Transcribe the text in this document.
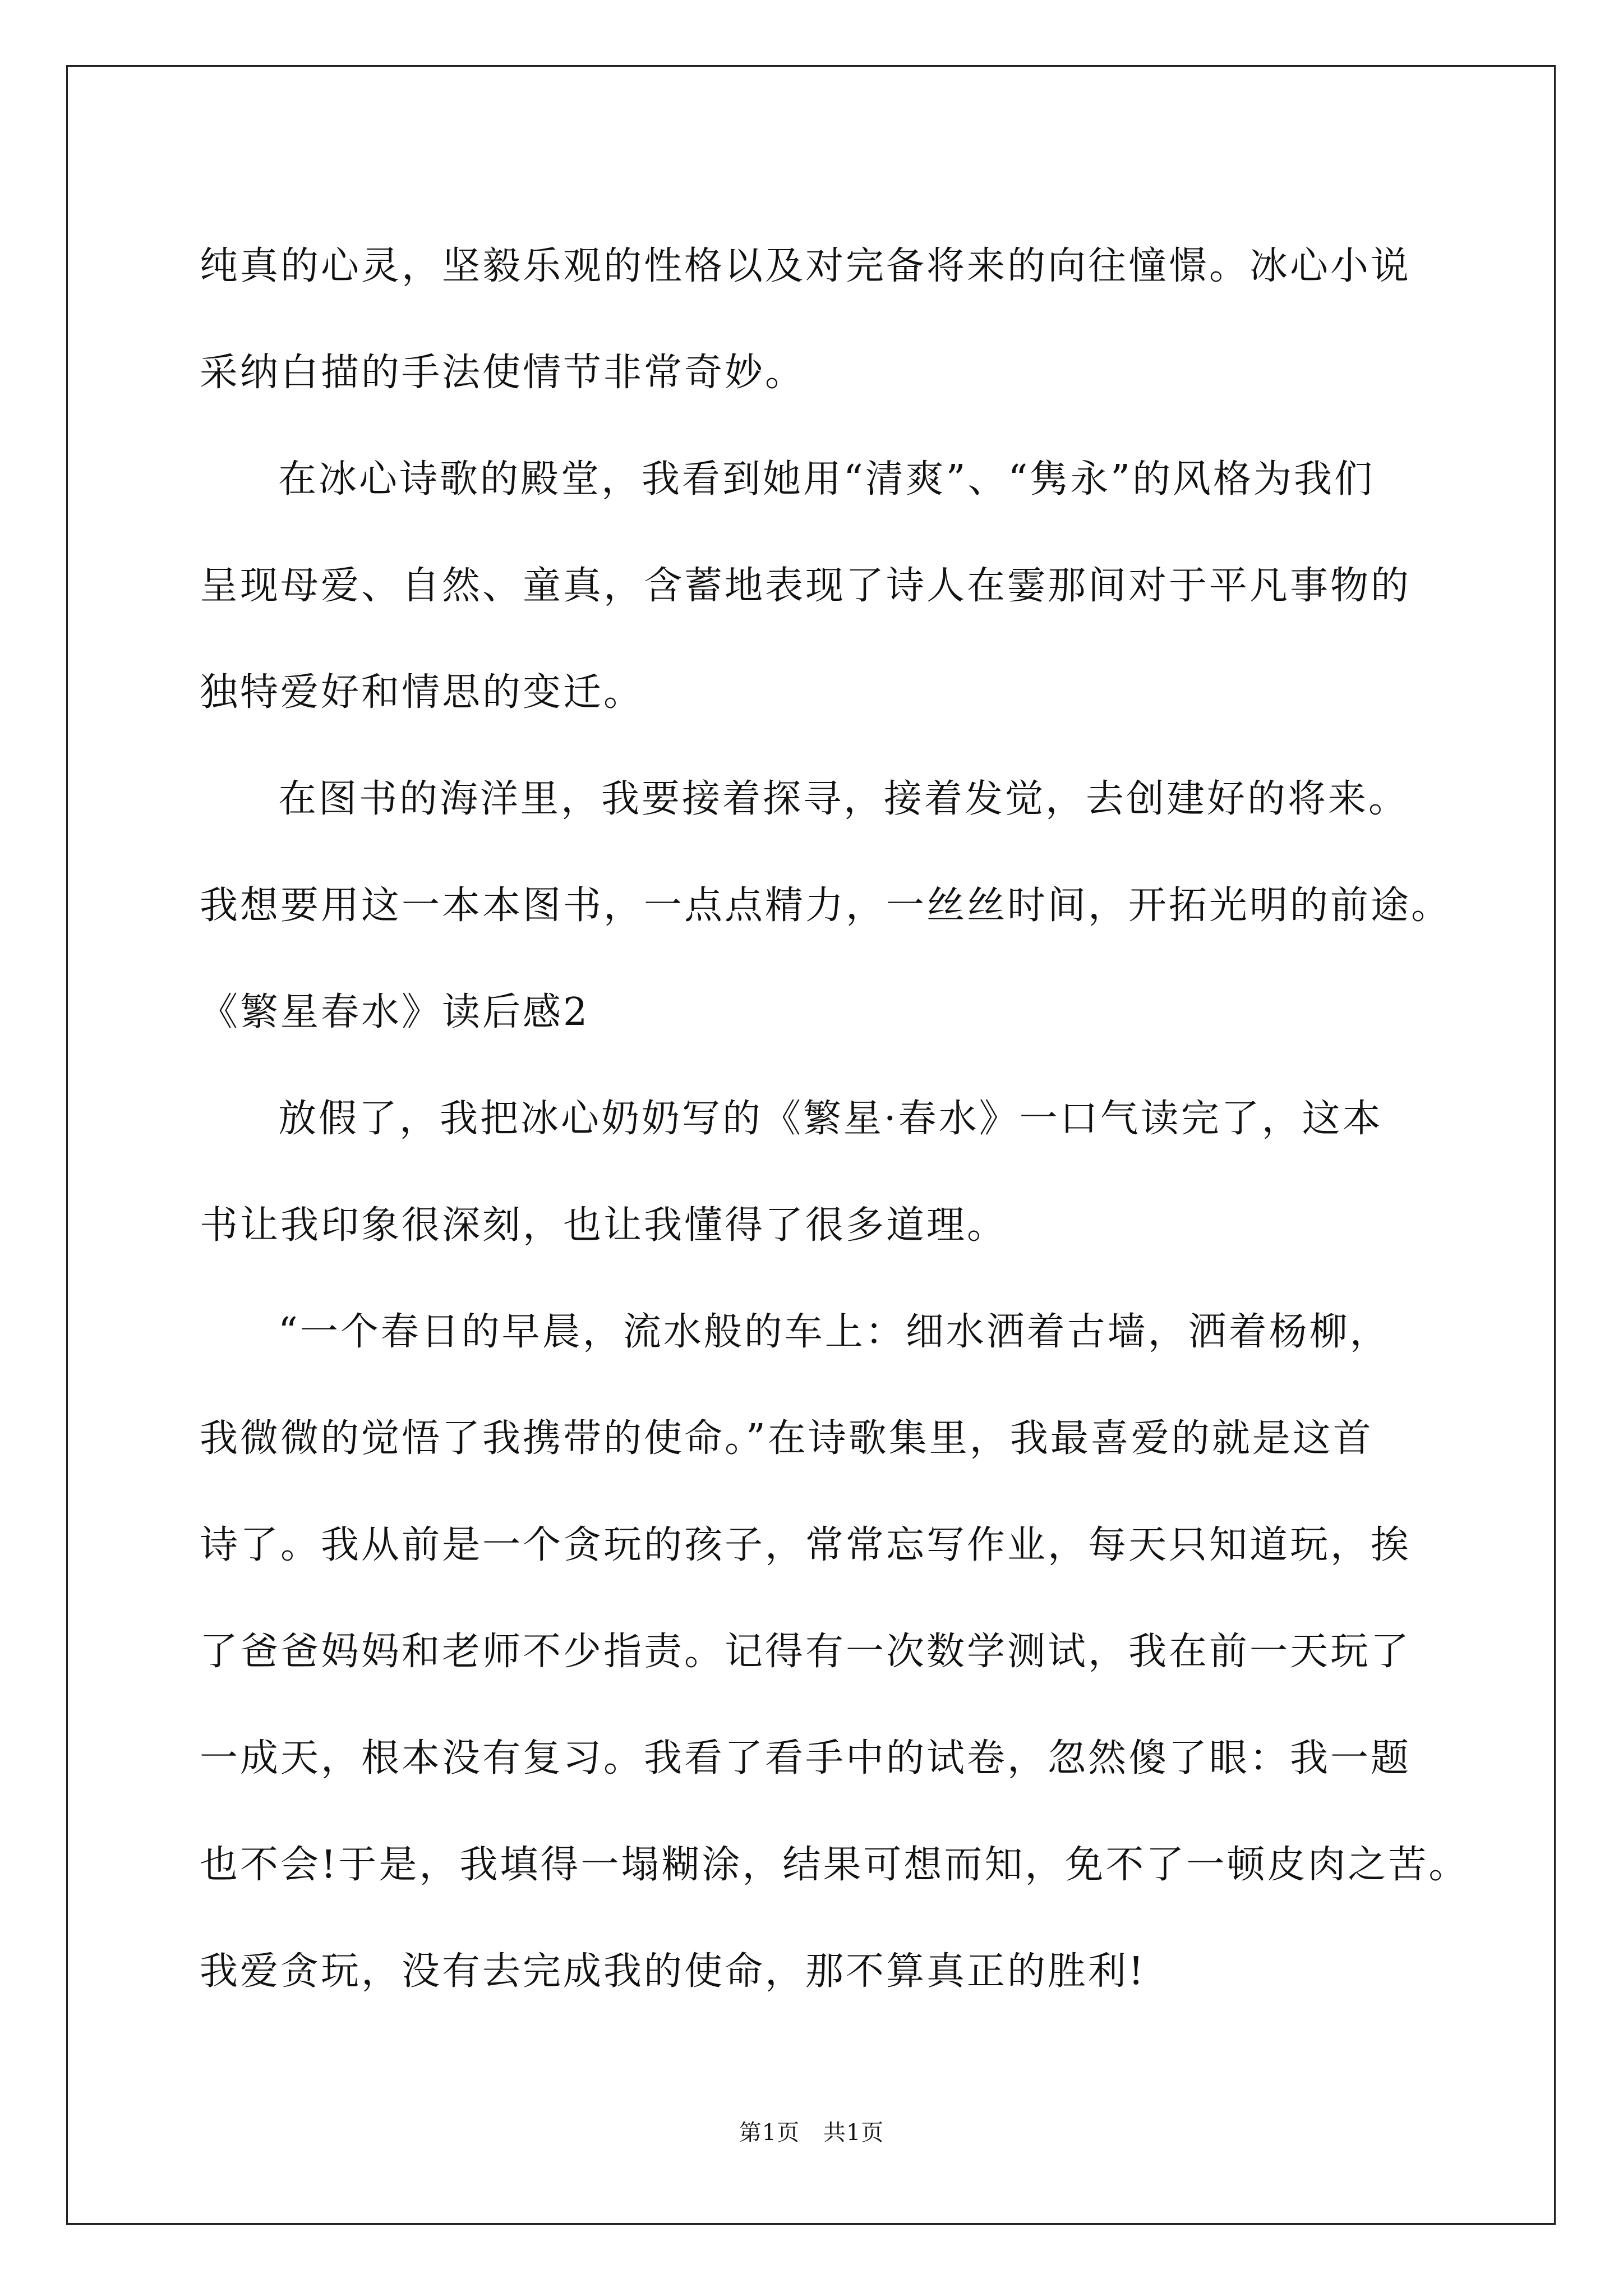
纯真的心灵，坚毅乐观的性格以及对完备将来的向往憧憬。冰心小说
采纳白描的手法使情节非常奇妙。
在冰心诗歌的殿堂，我看到她用“清爽”、“隽永”的风格为我们
呈现母爱、自然、童真，含蓄地表现了诗人在霎那间对于平凡事物的
独特爱好和情思的变迁。
在图书的海洋里，我要接着探寻，接着发觉，去创建好的将来。
我想要用这一本本图书，一点点精力，一丝丝时间，开拓光明的前途。
《繁星春水》读后感2
放假了，我把冰心奶奶写的《繁星·春水》一口气读完了，这本
书让我印象很深刻，也让我懂得了很多道理。
“一个春日的早晨，流水般的车上：细水洒着古墙，洒着杨柳，
我微微的觉悟了我携带的使命。”在诗歌集里，我最喜爱的就是这首
诗了。我从前是一个贪玩的孩子，常常忘写作业，每天只知道玩，挨
了爸爸妈妈和老师不少指责。记得有一次数学测试，我在前一天玩了
一成天，根本没有复习。我看了看手中的试卷，忽然傻了眼：我一题
也不会!于是，我填得一塌糊涂，结果可想而知，免不了一顿皮肉之苦。
我爱贪玩，没有去完成我的使命，那不算真正的胜利!
第1页 共1页
